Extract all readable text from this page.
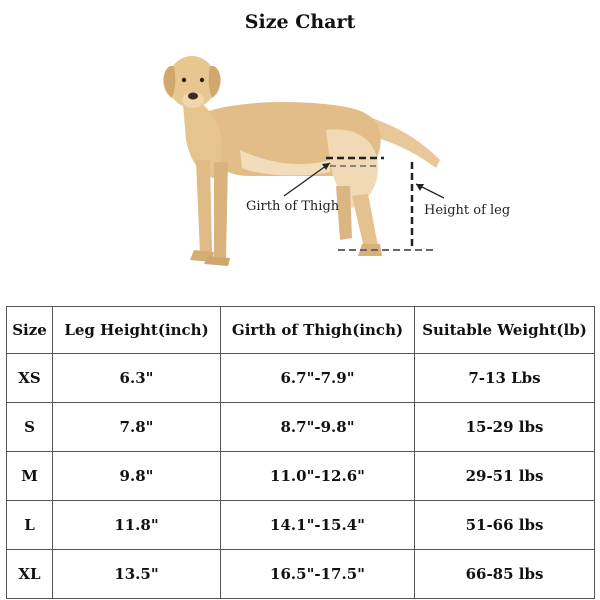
Size Chart
Girth of Thigh	Height of leg
Size	Leg Height(inch)	Girth of Thigh(inch)	Suitable Weight(lb)
XS	6.3"	6.7"-7.9"	7-13 Lbs
S	7.8"	8.7"-9.8"	15-29 lbs
M	9.8"	11.0"-12.6"	29-51 lbs
L	11.8"	14.1"-15.4"	51-66 lbs
XL	13.5"	16.5"-17.5"	66-85 lbs
